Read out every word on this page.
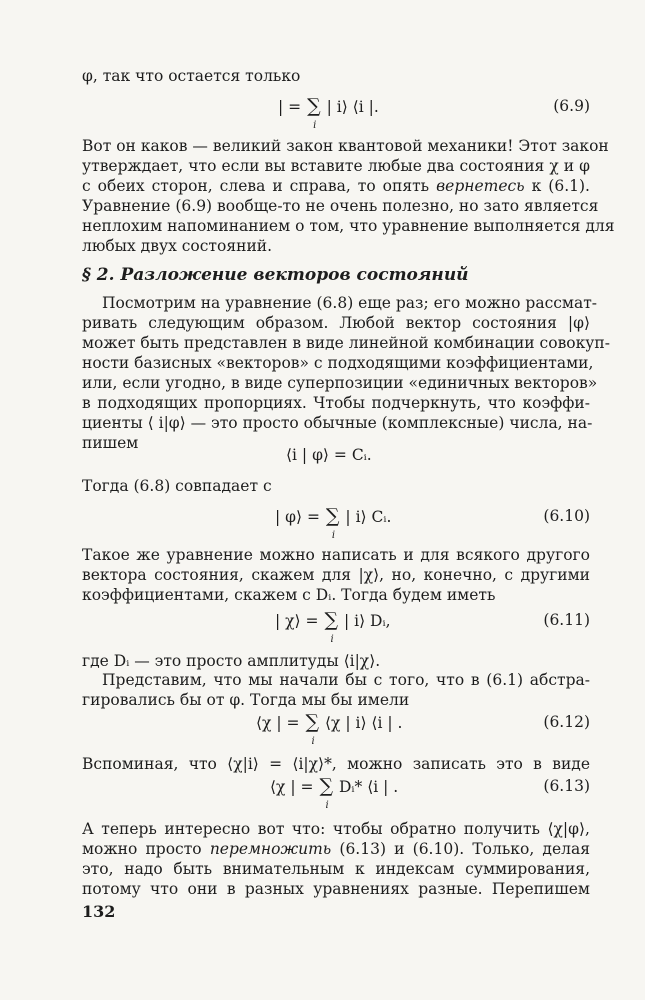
φ, так что остается только
| = ∑
i
| i⟩ ⟨i |.	(6.9)
Вот он каков — великий закон квантовой механики! Этот закон
утверждает, что если вы вставите любые два состояния χ и φ
с обеих сторон, слева и справа, то опять вернетесь к (6.1).
Уравнение (6.9) вообще-то не очень полезно, но зато является
неплохим напоминанием о том, что уравнение выполняется для
любых двух состояний.
§ 2. Разложение векторов состояний
Посмотрим на уравнение (6.8) еще раз; его можно рассмат-
ривать следующим образом. Любой вектор состояния |φ⟩
может быть представлен в виде линейной комбинации совокуп-
ности базисных «векторов» с подходящими коэффициентами,
или, если угодно, в виде суперпозиции «единичных векторов»
в подходящих пропорциях. Чтобы подчеркнуть, что коэффи-
циенты ⟨ i|φ⟩ — это просто обычные (комплексные) числа, на-
пишем
⟨i | φ⟩ = Cᵢ.
Тогда (6.8) совпадает с
| φ⟩ = ∑
i
| i⟩ Cᵢ.	(6.10)
Такое же уравнение можно написать и для всякого другого
вектора состояния, скажем для |χ⟩, но, конечно, с другими
коэффициентами, скажем с Dᵢ. Тогда будем иметь
| χ⟩ = ∑
i
| i⟩ Dᵢ,	(6.11)
где Dᵢ — это просто амплитуды ⟨i|χ⟩.
Представим, что мы начали бы с того, что в (6.1) абстра-
гировались бы от φ. Тогда мы бы имели
⟨χ | = ∑
i
⟨χ | i⟩ ⟨i | .	(6.12)
Вспоминая, что ⟨χ|i⟩ = ⟨i|χ⟩*, можно записать это в виде
⟨χ | = ∑
i
Dᵢ* ⟨i | .	(6.13)
А теперь интересно вот что: чтобы обратно получить ⟨χ|φ⟩,
можно просто перемножить (6.13) и (6.10). Только, делая
это, надо быть внимательным к индексам суммирования,
потому что они в разных уравнениях разные. Перепишем
132
